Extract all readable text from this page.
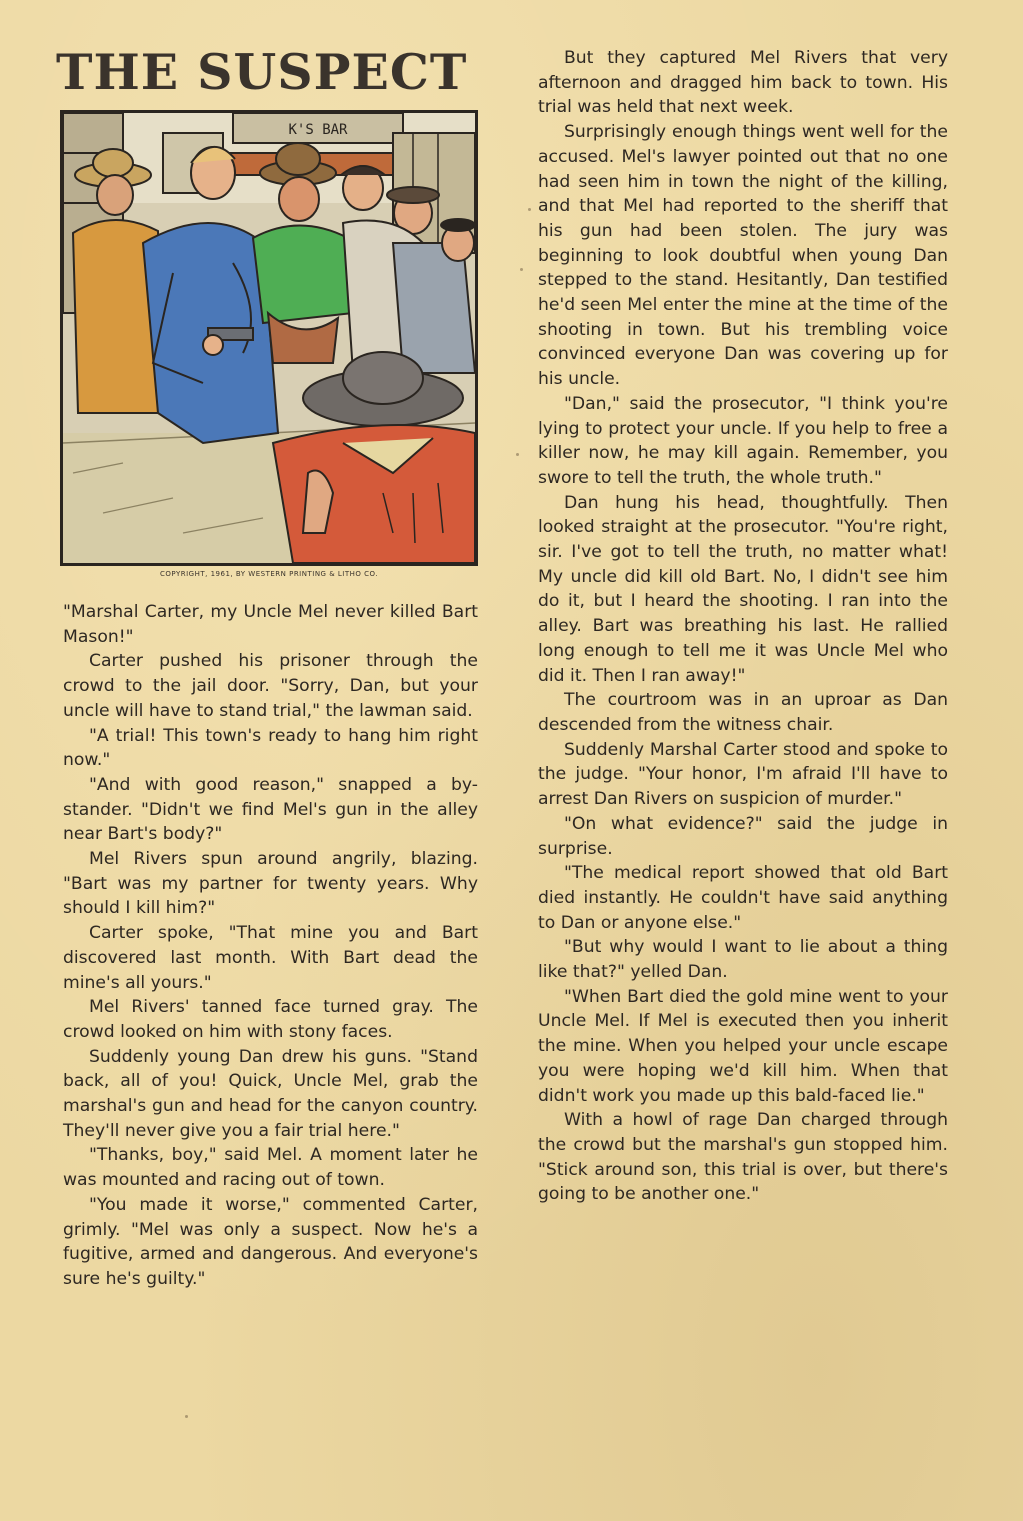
THE SUSPECT
K'S BAR
COPYRIGHT, 1961, BY WESTERN PRINTING & LITHO CO.

"Marshal Carter, my Uncle Mel never killed Bart Mason!"

Carter pushed his prisoner through the crowd to the jail door. "Sorry, Dan, but your uncle will have to stand trial," the lawman said.

"A trial! This town's ready to hang him right now."

"And with good reason," snapped a by-stander. "Didn't we find Mel's gun in the alley near Bart's body?"

Mel Rivers spun around angrily, blazing. "Bart was my partner for twenty years. Why should I kill him?"

Carter spoke, "That mine you and Bart discovered last month. With Bart dead the mine's all yours."

Mel Rivers' tanned face turned gray. The crowd looked on him with stony faces.

Suddenly young Dan drew his guns. "Stand back, all of you! Quick, Uncle Mel, grab the marshal's gun and head for the canyon country. They'll never give you a fair trial here."

"Thanks, boy," said Mel. A moment later he was mounted and racing out of town.

"You made it worse," commented Carter, grimly. "Mel was only a suspect. Now he's a fugitive, armed and dangerous. And everyone's sure he's guilty."

But they captured Mel Rivers that very afternoon and dragged him back to town. His trial was held that next week.

Surprisingly enough things went well for the accused. Mel's lawyer pointed out that no one had seen him in town the night of the killing, and that Mel had reported to the sheriff that his gun had been stolen. The jury was beginning to look doubtful when young Dan stepped to the stand. Hesitantly, Dan testified he'd seen Mel enter the mine at the time of the shooting in town. But his trembling voice convinced everyone Dan was covering up for his uncle.

"Dan," said the prosecutor, "I think you're lying to protect your uncle. If you help to free a killer now, he may kill again. Remember, you swore to tell the truth, the whole truth."

Dan hung his head, thoughtfully. Then looked straight at the prosecutor. "You're right, sir. I've got to tell the truth, no matter what! My uncle did kill old Bart. No, I didn't see him do it, but I heard the shooting. I ran into the alley. Bart was breathing his last. He rallied long enough to tell me it was Uncle Mel who did it. Then I ran away!"

The courtroom was in an uproar as Dan descended from the witness chair.

Suddenly Marshal Carter stood and spoke to the judge. "Your honor, I'm afraid I'll have to arrest Dan Rivers on suspicion of murder."

"On what evidence?" said the judge in surprise.

"The medical report showed that old Bart died instantly. He couldn't have said anything to Dan or anyone else."

"But why would I want to lie about a thing like that?" yelled Dan.

"When Bart died the gold mine went to your Uncle Mel. If Mel is executed then you inherit the mine. When you helped your uncle escape you were hoping we'd kill him. When that didn't work you made up this bald-faced lie."

With a howl of rage Dan charged through the crowd but the marshal's gun stopped him. "Stick around son, this trial is over, but there's going to be another one."
